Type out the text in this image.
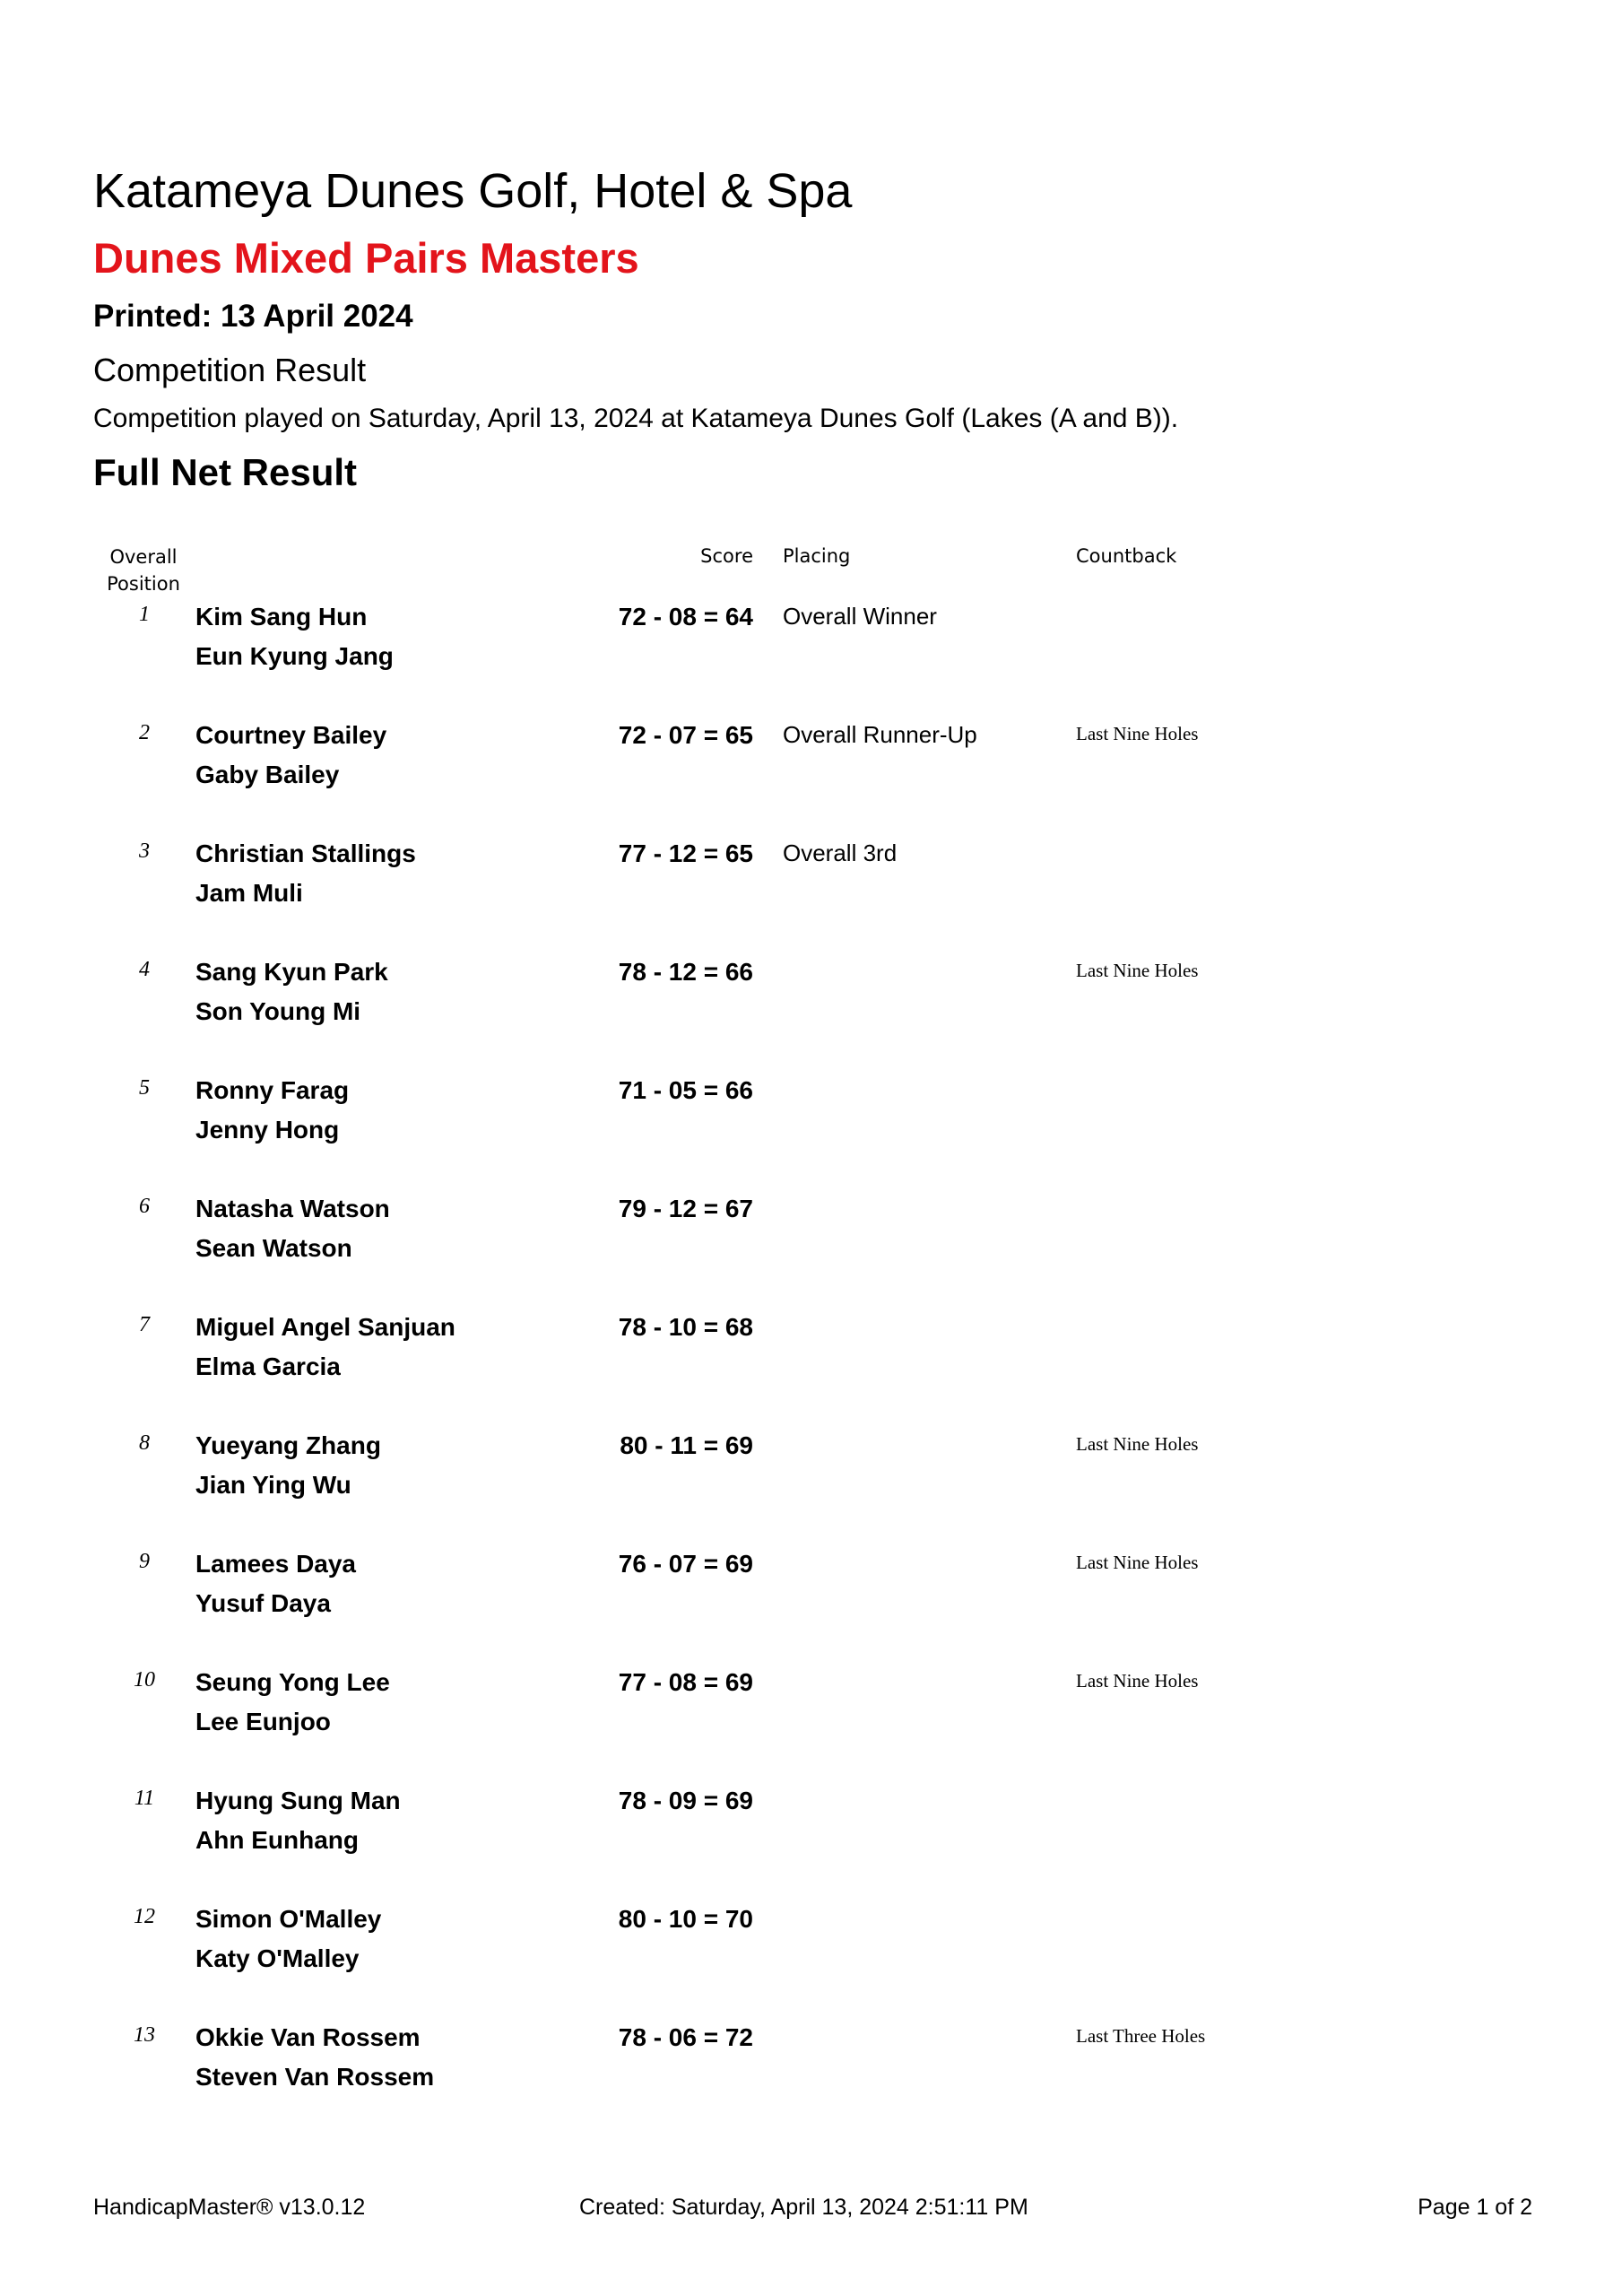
Katameya Dunes Golf, Hotel & Spa
Dunes Mixed Pairs Masters
Printed: 13 April 2024
Competition Result
Competition played on Saturday, April 13, 2024 at Katameya Dunes Golf (Lakes (A and B)).
Full Net Result
Overall Position
Score Placing	Countback
1	Kim Sang Hun
Eun Kyung Jang
72 - 08 = 64 Overall Winner
2	Courtney Bailey
Gaby Bailey
72 - 07 = 65 Overall Runner-Up	Last Nine Holes
3	Christian Stallings
Jam Muli
77 - 12 = 65 Overall 3rd
4	Sang Kyun Park
Son Young Mi
78 - 12 = 66	Last Nine Holes
5	Ronny Farag
Jenny Hong
71 - 05 = 66
6	Natasha Watson
Sean Watson
79 - 12 = 67
7	Miguel Angel Sanjuan
Elma Garcia
78 - 10 = 68
8	Yueyang Zhang
Jian Ying Wu
80 - 11 = 69	Last Nine Holes
9	Lamees Daya
Yusuf Daya
76 - 07 = 69	Last Nine Holes
10	Seung Yong Lee
Lee Eunjoo
77 - 08 = 69	Last Nine Holes
11	Hyung Sung Man
Ahn Eunhang
78 - 09 = 69
12	Simon O'Malley
Katy O'Malley
80 - 10 = 70
13	Okkie Van Rossem
Steven Van Rossem
78 - 06 = 72	Last Three Holes
HandicapMaster® v13.0.12	Created: Saturday, April 13, 2024 2:51:11 PM	Page 1 of 2
